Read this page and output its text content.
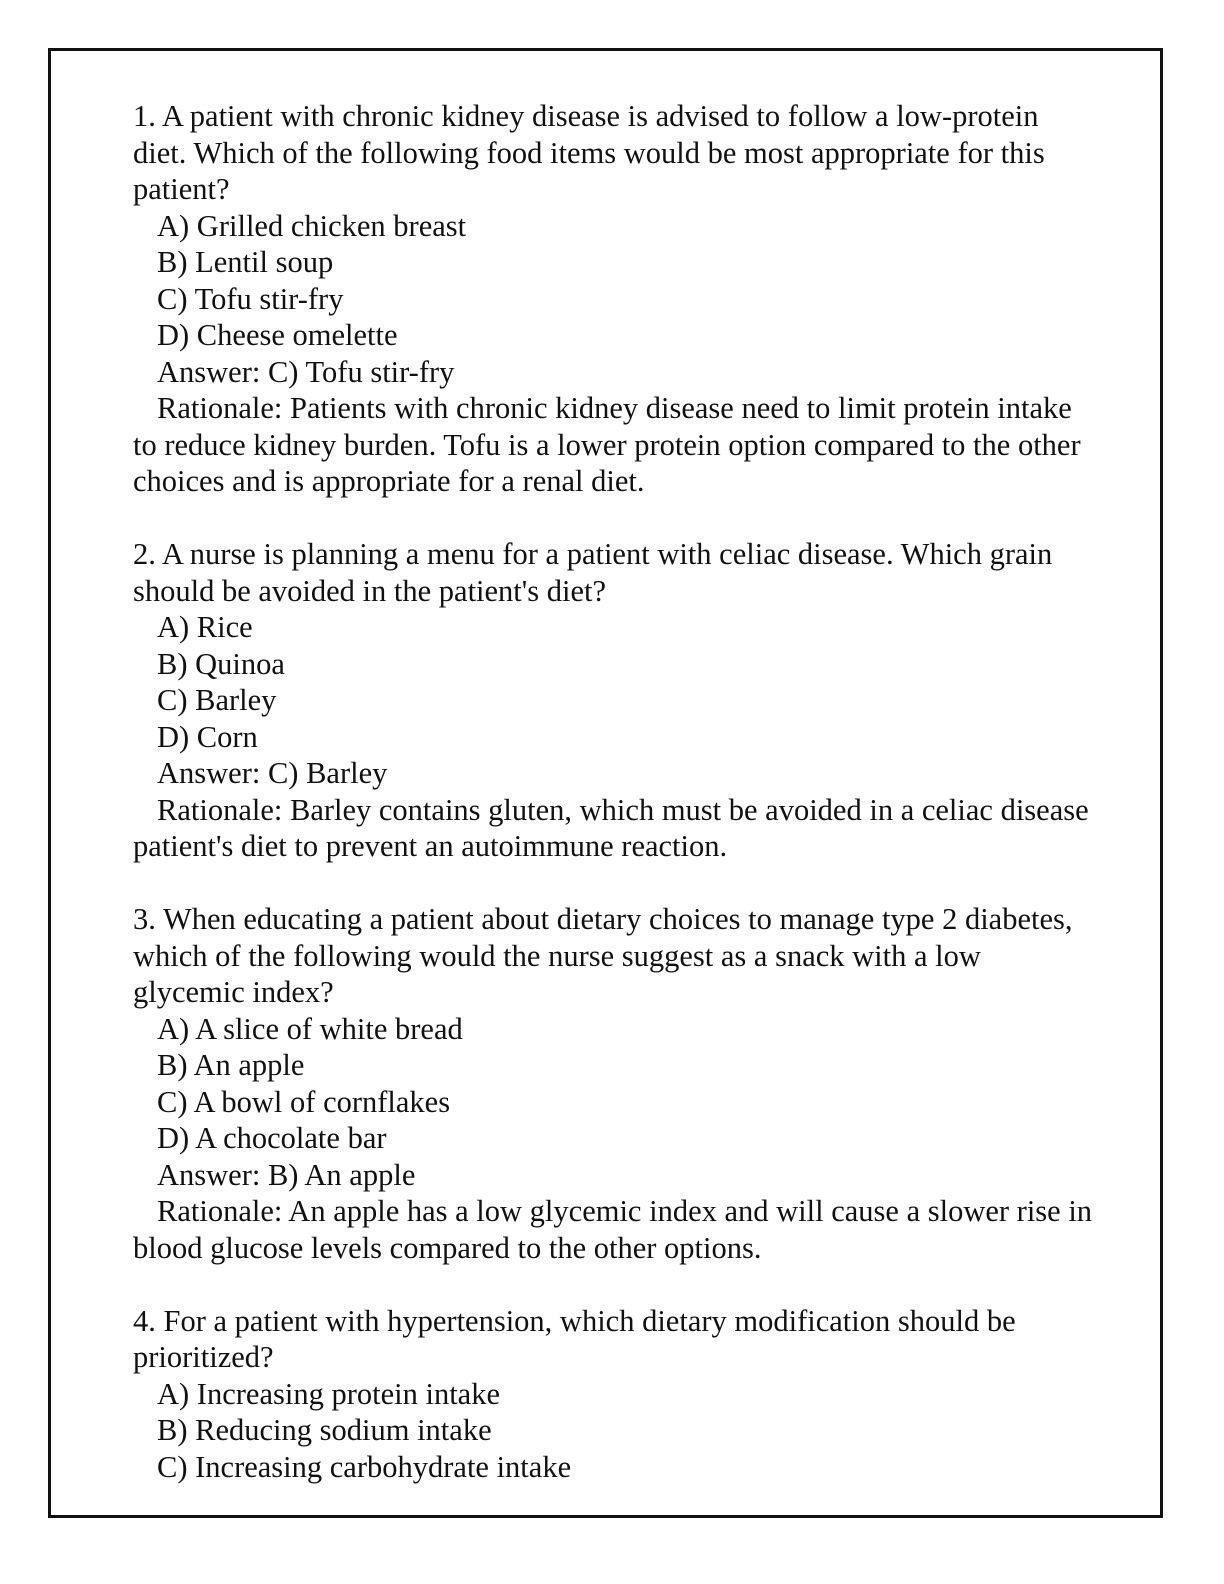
1. A patient with chronic kidney disease is advised to follow a low-protein diet. Which of the following food items would be most appropriate for this patient?
A) Grilled chicken breast
B) Lentil soup
C) Tofu stir-fry
D) Cheese omelette
Answer: C) Tofu stir-fry
Rationale: Patients with chronic kidney disease need to limit protein intake to reduce kidney burden. Tofu is a lower protein option compared to the other choices and is appropriate for a renal diet.
2. A nurse is planning a menu for a patient with celiac disease. Which grain should be avoided in the patient's diet?
A) Rice
B) Quinoa
C) Barley
D) Corn
Answer: C) Barley
Rationale: Barley contains gluten, which must be avoided in a celiac disease patient's diet to prevent an autoimmune reaction.
3. When educating a patient about dietary choices to manage type 2 diabetes, which of the following would the nurse suggest as a snack with a low glycemic index?
A) A slice of white bread
B) An apple
C) A bowl of cornflakes
D) A chocolate bar
Answer: B) An apple
Rationale: An apple has a low glycemic index and will cause a slower rise in blood glucose levels compared to the other options.
4. For a patient with hypertension, which dietary modification should be prioritized?
A) Increasing protein intake
B) Reducing sodium intake
C) Increasing carbohydrate intake
